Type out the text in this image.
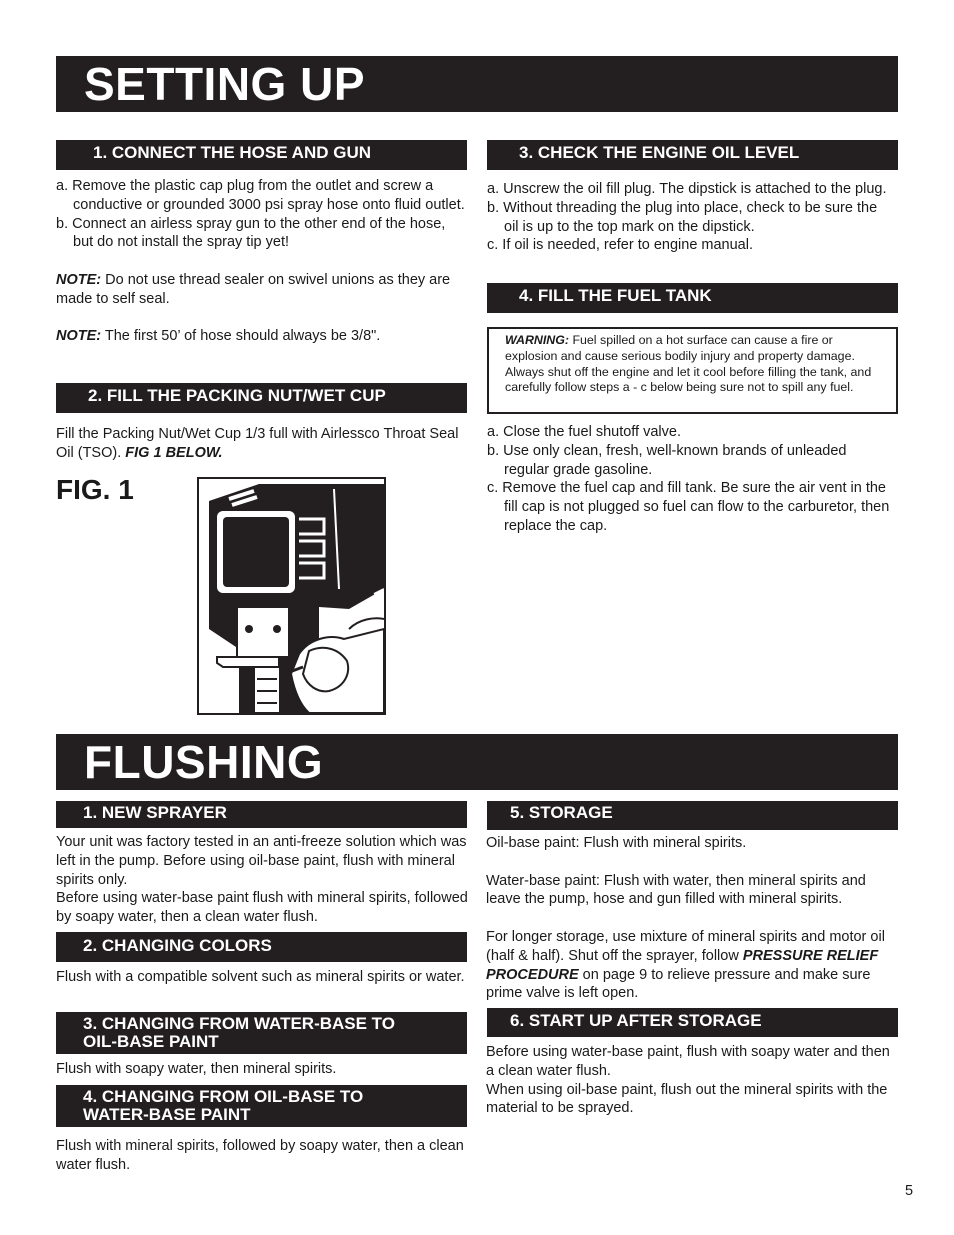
SETTING UP
1. CONNECT THE HOSE AND GUN

a. Remove the plastic cap plug from the outlet and screw a conductive or grounded 3000 psi spray hose onto fluid outlet.

b. Connect an airless spray gun to the other end of the hose, but do not install the spray tip yet!

NOTE: Do not use thread sealer on swivel unions as they are made to self seal.

NOTE: The first 50’ of hose should always be 3/8".

2. FILL THE PACKING NUT/WET CUP

Fill the Packing Nut/Wet Cup 1/3 full with Airlessco Throat Seal Oil (TSO). FIG 1 BELOW.

FIG. 1
3. CHECK THE ENGINE OIL LEVEL

a. Unscrew the oil fill plug. The dipstick is attached to the plug.

b. Without threading the plug into place, check to be sure the oil is up to the top mark on the dipstick.

c. If oil is needed, refer to engine manual.

4. FILL THE FUEL TANK
WARNING: Fuel spilled on a hot surface can cause a fire or explosion and cause serious bodily injury and property damage. Always shut off the engine and let it cool before filling the tank, and carefully follow steps a - c below being sure not to spill any fuel.

a. Close the fuel shutoff valve.

b. Use only clean, fresh, well-known brands of unleaded regular grade gasoline.

c. Remove the fuel cap and fill tank. Be sure the air vent in the fill cap is not plugged so fuel can flow to the carburetor, then replace the cap.

FLUSHING
1. NEW SPRAYER

Your unit was factory tested in an anti-freeze solution which was left in the pump. Before using oil-base paint, flush with mineral spirits only.

Before using water-base paint flush with mineral spirits, followed by soapy water, then a clean water flush.

2. CHANGING COLORS
Flush with a compatible solvent such as mineral spirits or water.
3. CHANGING FROM WATER-BASE TO
OIL-BASE PAINT
Flush with soapy water, then mineral spirits.
4. CHANGING FROM OIL-BASE TO
WATER-BASE PAINT
Flush with mineral spirits, followed by soapy water, then a clean water flush.
5. STORAGE

Oil-base paint: Flush with mineral spirits.

Water-base paint: Flush with water, then mineral spirits and leave the pump, hose and gun filled with mineral spirits.

For longer storage, use mixture of mineral spirits and motor oil (half & half). Shut off the sprayer, follow PRESSURE RELIEF PROCEDURE on page 9 to relieve pressure and make sure prime valve is left open.

6. START UP AFTER STORAGE

Before using water-base paint, flush with soapy water and then a clean water flush.

When using oil-base paint, flush out the mineral spirits with the material to be sprayed.

5
